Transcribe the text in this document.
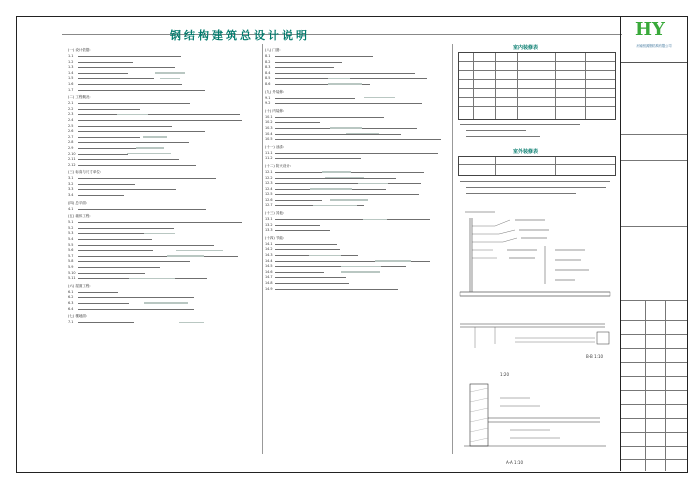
钢结构建筑总设计说明
(一) 设计依据:
1.1
1.2
1.3
1.4
1.5
1.6
1.7
(二) 工程概况:
2.1
2.2
2.3
2.4
2.5
2.6
2.7
2.8
2.9
2.10
2.11
2.12
(三) 标高与尺寸单位:
3.1
3.2
3.3
3.4
(四) 总平面:
4.1
(五) 墙体工程:
5.1
5.2
5.3
5.4
5.5
5.6
5.7
5.8
5.9
5.10
5.11
(六) 屋面工程:
6.1
6.2
6.3
6.4
(七) 楼地面:
7.1
(八) 门窗:
8.1
8.2
8.3
8.4
8.5
8.6
(九) 外装修:
9.1
9.2
(十) 内装修:
10.1
10.2
10.3
10.4
10.5
(十一) 油漆:
11.1
11.2
(十二) 防火设计:
12.1
12.2
12.3
12.4
12.5
12.6
12.7
(十三) 其他:
13.1
13.2
13.3
(十四) 节能:
14.1
14.2
14.3
14.4
14.5
14.6
14.7
14.8
14.9
室内装修表
室外装修表
B-B 1:10
1:20
A-A 1:10
HY
河南恒源钢结构有限公司
